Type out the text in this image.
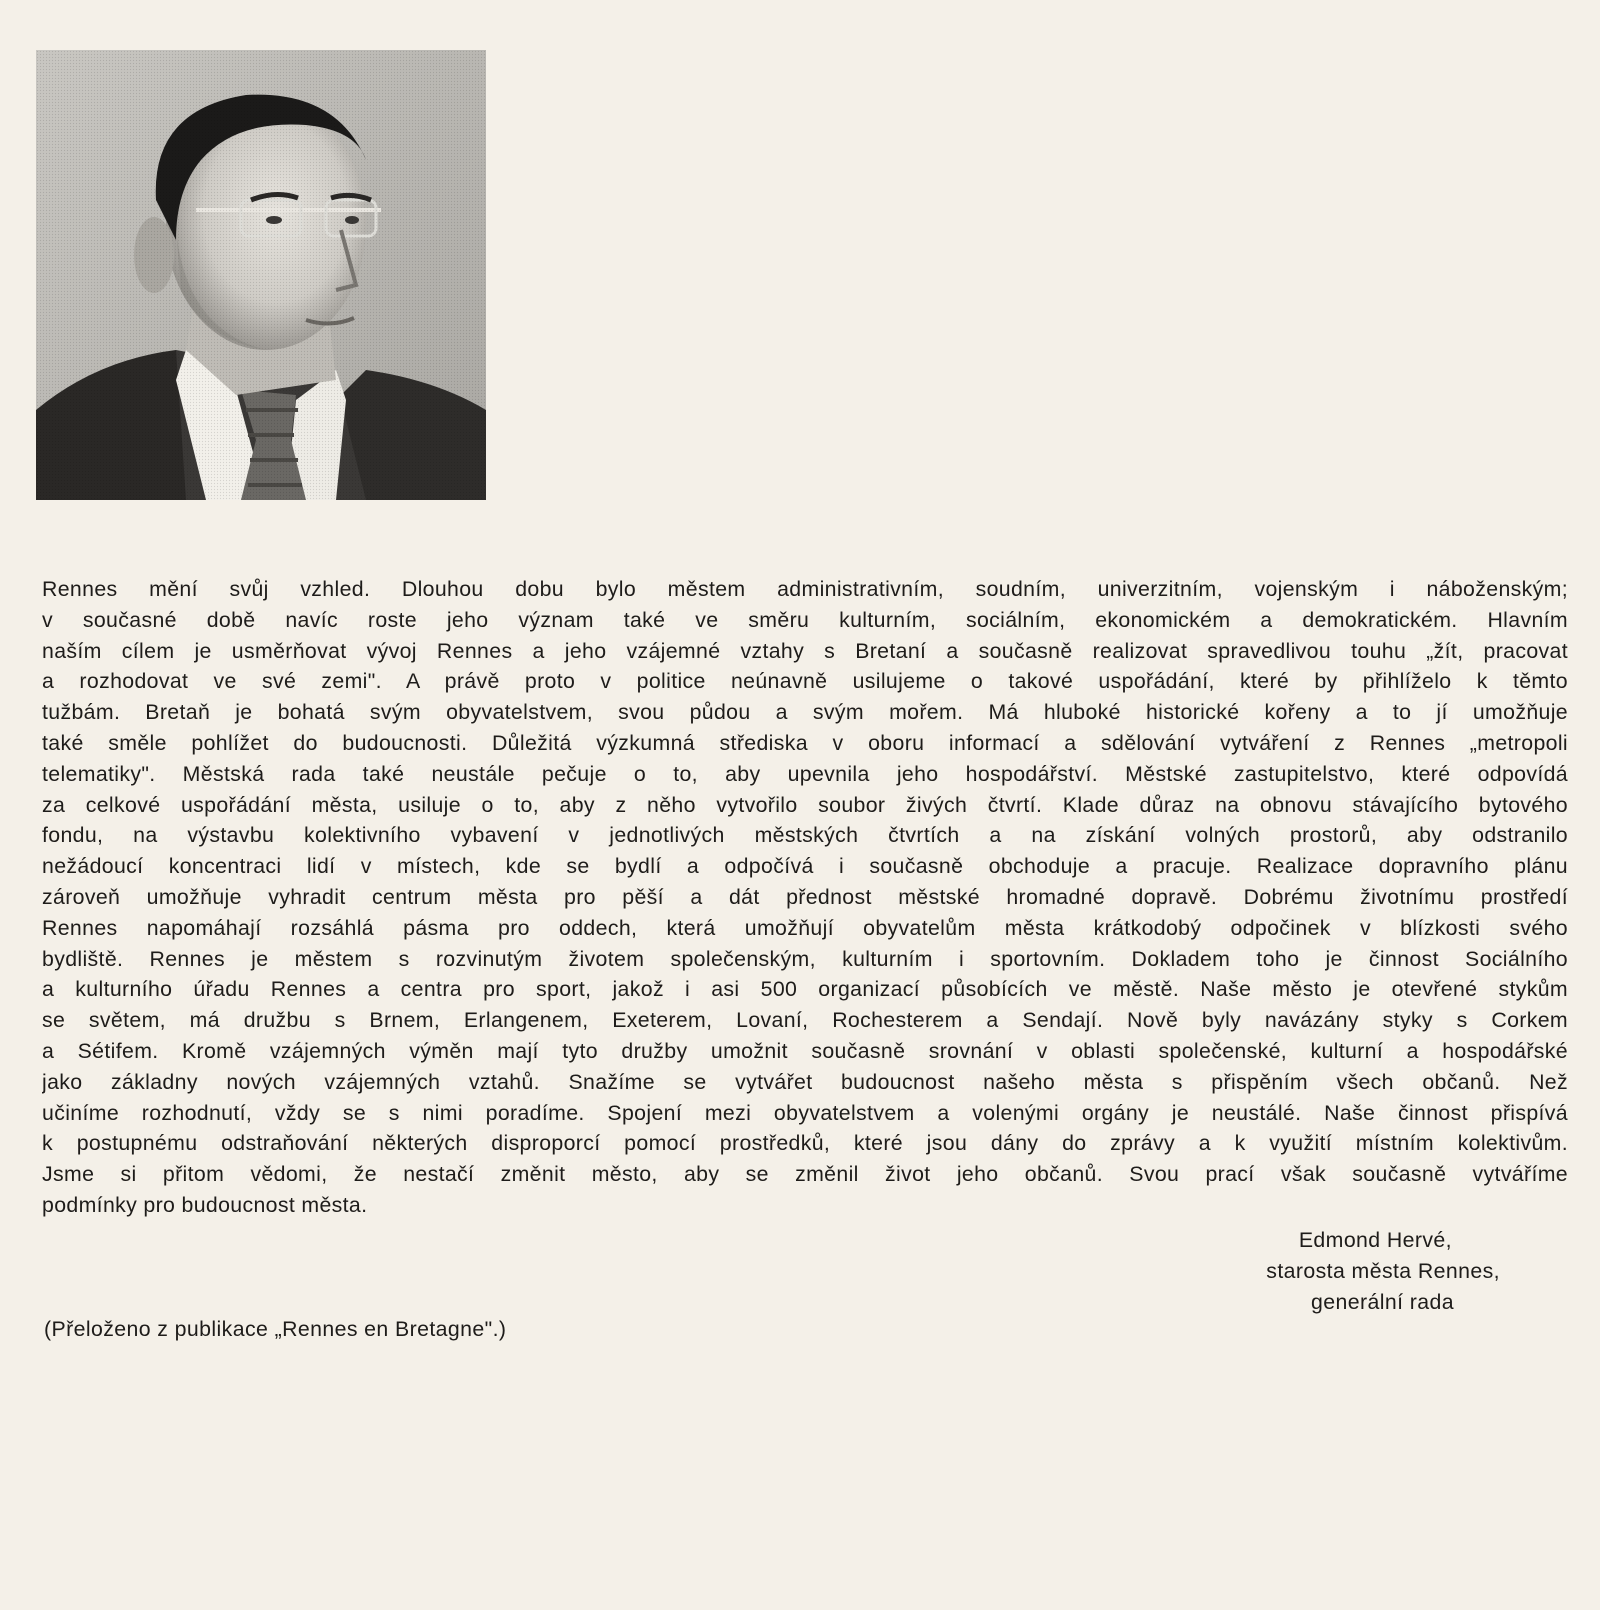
Rennes mění svůj vzhled. Dlouhou dobu bylo městem administrativním, soudním, univerzitním, vojenským i náboženským;
v současné době navíc roste jeho význam také ve směru kulturním, sociálním, ekonomickém a demokratickém. Hlavním
naším cílem je usměrňovat vývoj Rennes a jeho vzájemné vztahy s Bretaní a současně realizovat spravedlivou touhu „žít, pracovat
a rozhodovat ve své zemi". A právě proto v politice neúnavně usilujeme o takové uspořádání, které by přihlíželo k těmto
tužbám. Bretaň je bohatá svým obyvatelstvem, svou půdou a svým mořem. Má hluboké historické kořeny a to jí umožňuje
také směle pohlížet do budoucnosti. Důležitá výzkumná střediska v oboru informací a sdělování vytváření z Rennes „metropoli
telematiky". Městská rada také neustále pečuje o to, aby upevnila jeho hospodářství. Městské zastupitelstvo, které odpovídá
za celkové uspořádání města, usiluje o to, aby z něho vytvořilo soubor živých čtvrtí. Klade důraz na obnovu stávajícího bytového
fondu, na výstavbu kolektivního vybavení v jednotlivých městských čtvrtích a na získání volných prostorů, aby odstranilo
nežádoucí koncentraci lidí v místech, kde se bydlí a odpočívá i současně obchoduje a pracuje. Realizace dopravního plánu
zároveň umožňuje vyhradit centrum města pro pěší a dát přednost městské hromadné dopravě. Dobrému životnímu prostředí
Rennes napomáhají rozsáhlá pásma pro oddech, která umožňují obyvatelům města krátkodobý odpočinek v blízkosti svého
bydliště. Rennes je městem s rozvinutým životem společenským, kulturním i sportovním. Dokladem toho je činnost Sociálního
a kulturního úřadu Rennes a centra pro sport, jakož i asi 500 organizací působících ve městě. Naše město je otevřené stykům
se světem, má družbu s Brnem, Erlangenem, Exeterem, Lovaní, Rochesterem a Sendají. Nově byly navázány styky s Corkem
a Sétifem. Kromě vzájemných výměn mají tyto družby umožnit současně srovnání v oblasti společenské, kulturní a hospodářské
jako základny nových vzájemných vztahů. Snažíme se vytvářet budoucnost našeho města s přispěním všech občanů. Než
učiníme rozhodnutí, vždy se s nimi poradíme. Spojení mezi obyvatelstvem a volenými orgány je neustálé. Naše činnost přispívá
k postupnému odstraňování některých disproporcí pomocí prostředků, které jsou dány do zprávy a k využití místním kolektivům.
Jsme si přitom vědomi, že nestačí změnit město, aby se změnil život jeho občanů. Svou prací však současně vytváříme
podmínky pro budoucnost města.
Edmond Hervé,
starosta města Rennes,
generální rada
(Přeloženo z publikace „Rennes en Bretagne".)
